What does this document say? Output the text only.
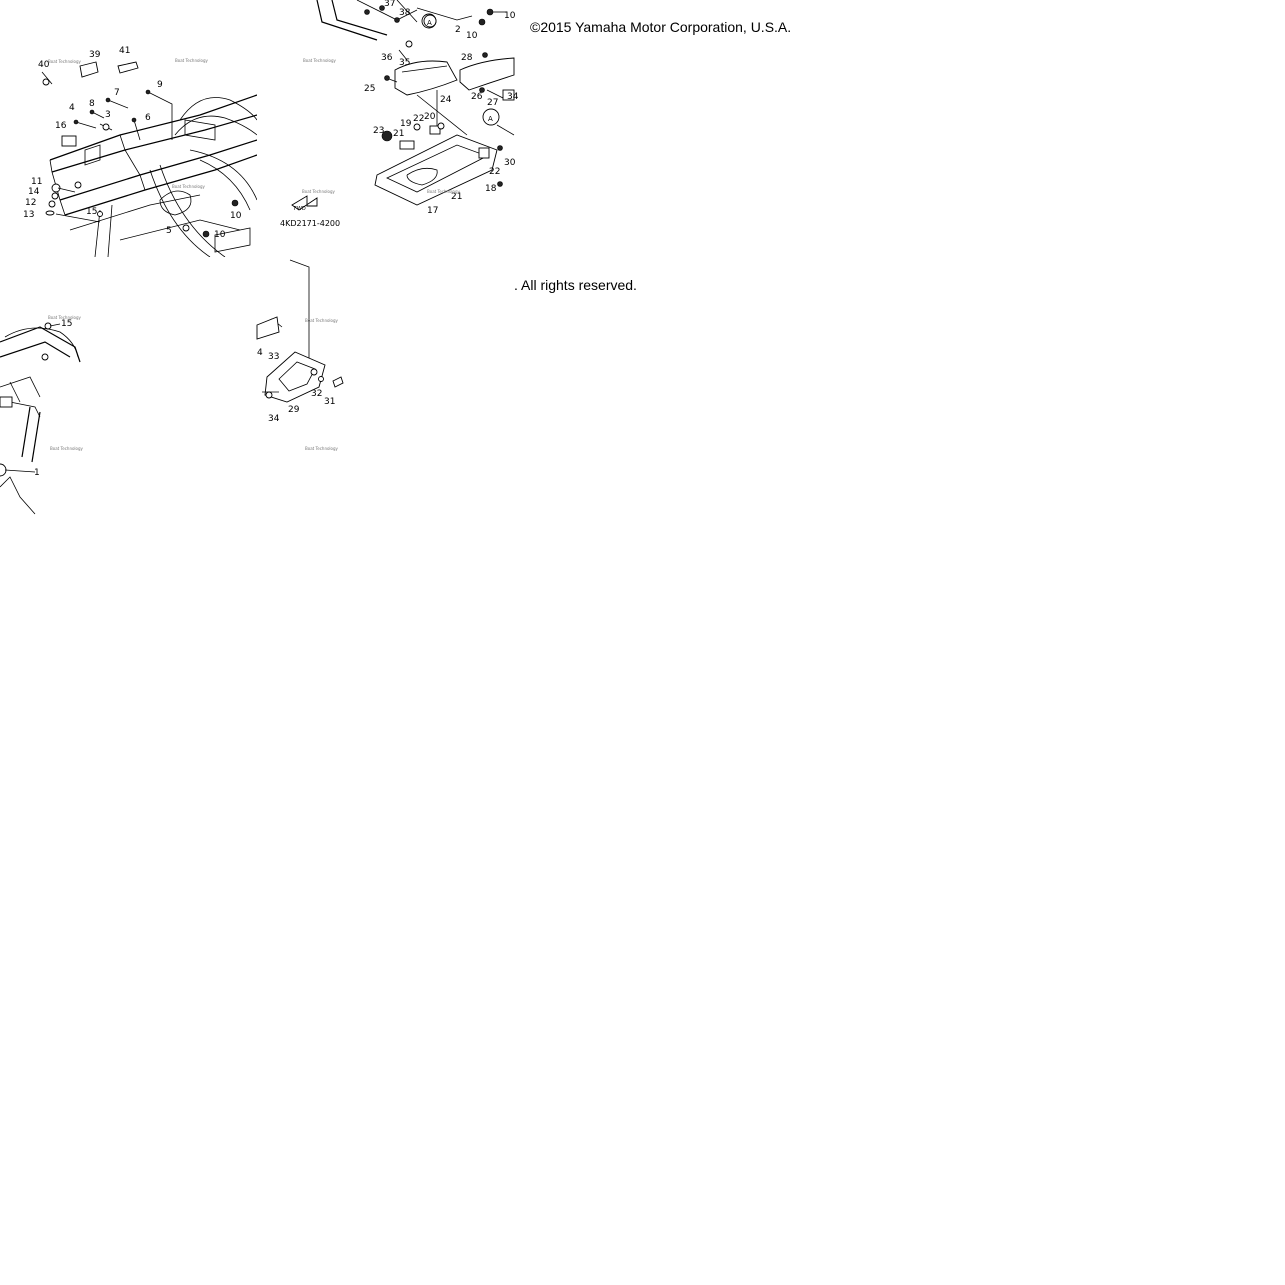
©2015 Yamaha Motor Corporation, U.S.A.
. All rights reserved.
39 41
40
9
7
8
4
3	6
16
11
14
12
13	15
5
10
10
Boat Technology	Boat Technology
Boat Technology
A
A
FWD
4KD2171-4200
10
2
10
37
38
36 35
25
24 26
27
28
34
19 22 20
21
23
22
30
18
21
17
Boat Technology
Boat Technology
Boat Technology
15
1
Boat Technology
Boat Technology
4 33
29
32
31
34
Boat Technology
Boat Technology
